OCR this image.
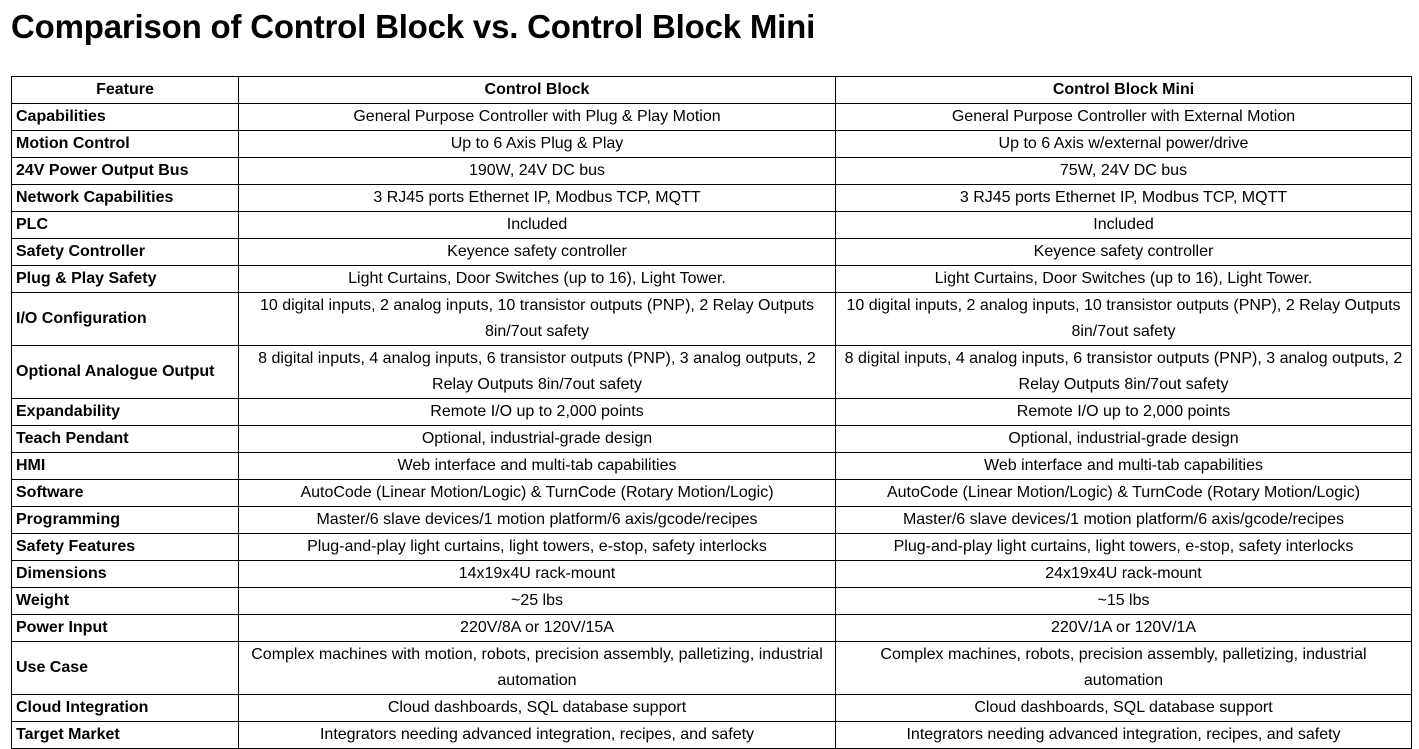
Comparison of Control Block vs. Control Block Mini
Feature	Control Block	Control Block Mini
Capabilities	General Purpose Controller with Plug & Play Motion	General Purpose Controller with External Motion
Motion Control	Up to 6 Axis Plug & Play	Up to 6 Axis w/external power/drive
24V Power Output Bus	190W, 24V DC bus	75W, 24V DC bus
Network Capabilities	3 RJ45 ports Ethernet IP, Modbus TCP, MQTT	3 RJ45 ports Ethernet IP, Modbus TCP, MQTT
PLC	Included	Included
Safety Controller	Keyence safety controller	Keyence safety controller
Plug & Play Safety	Light Curtains, Door Switches (up to 16), Light Tower.	Light Curtains, Door Switches (up to 16), Light Tower.
I/O Configuration	10 digital inputs, 2 analog inputs, 10 transistor outputs (PNP), 2 Relay Outputs 8in/7out safety	10 digital inputs, 2 analog inputs, 10 transistor outputs (PNP), 2 Relay Outputs 8in/7out safety
Optional Analogue Output	8 digital inputs, 4 analog inputs, 6 transistor outputs (PNP), 3 analog outputs, 2 Relay Outputs 8in/7out safety	8 digital inputs, 4 analog inputs, 6 transistor outputs (PNP), 3 analog outputs, 2 Relay Outputs 8in/7out safety
Expandability	Remote I/O up to 2,000 points	Remote I/O up to 2,000 points
Teach Pendant	Optional, industrial-grade design	Optional, industrial-grade design
HMI	Web interface and multi-tab capabilities	Web interface and multi-tab capabilities
Software	AutoCode (Linear Motion/Logic) & TurnCode (Rotary Motion/Logic)	AutoCode (Linear Motion/Logic) & TurnCode (Rotary Motion/Logic)
Programming	Master/6 slave devices/1 motion platform/6 axis/gcode/recipes	Master/6 slave devices/1 motion platform/6 axis/gcode/recipes
Safety Features	Plug-and-play light curtains, light towers, e-stop, safety interlocks	Plug-and-play light curtains, light towers, e-stop, safety interlocks
Dimensions	14x19x4U rack-mount	24x19x4U rack-mount
Weight	~25 lbs	~15 lbs
Power Input	220V/8A or 120V/15A	220V/1A or 120V/1A
Use Case	Complex machines with motion, robots, precision assembly, palletizing, industrial automation	Complex machines, robots, precision assembly, palletizing, industrial automation
Cloud Integration	Cloud dashboards, SQL database support	Cloud dashboards, SQL database support
Target Market	Integrators needing advanced integration, recipes, and safety	Integrators needing advanced integration, recipes, and safety
